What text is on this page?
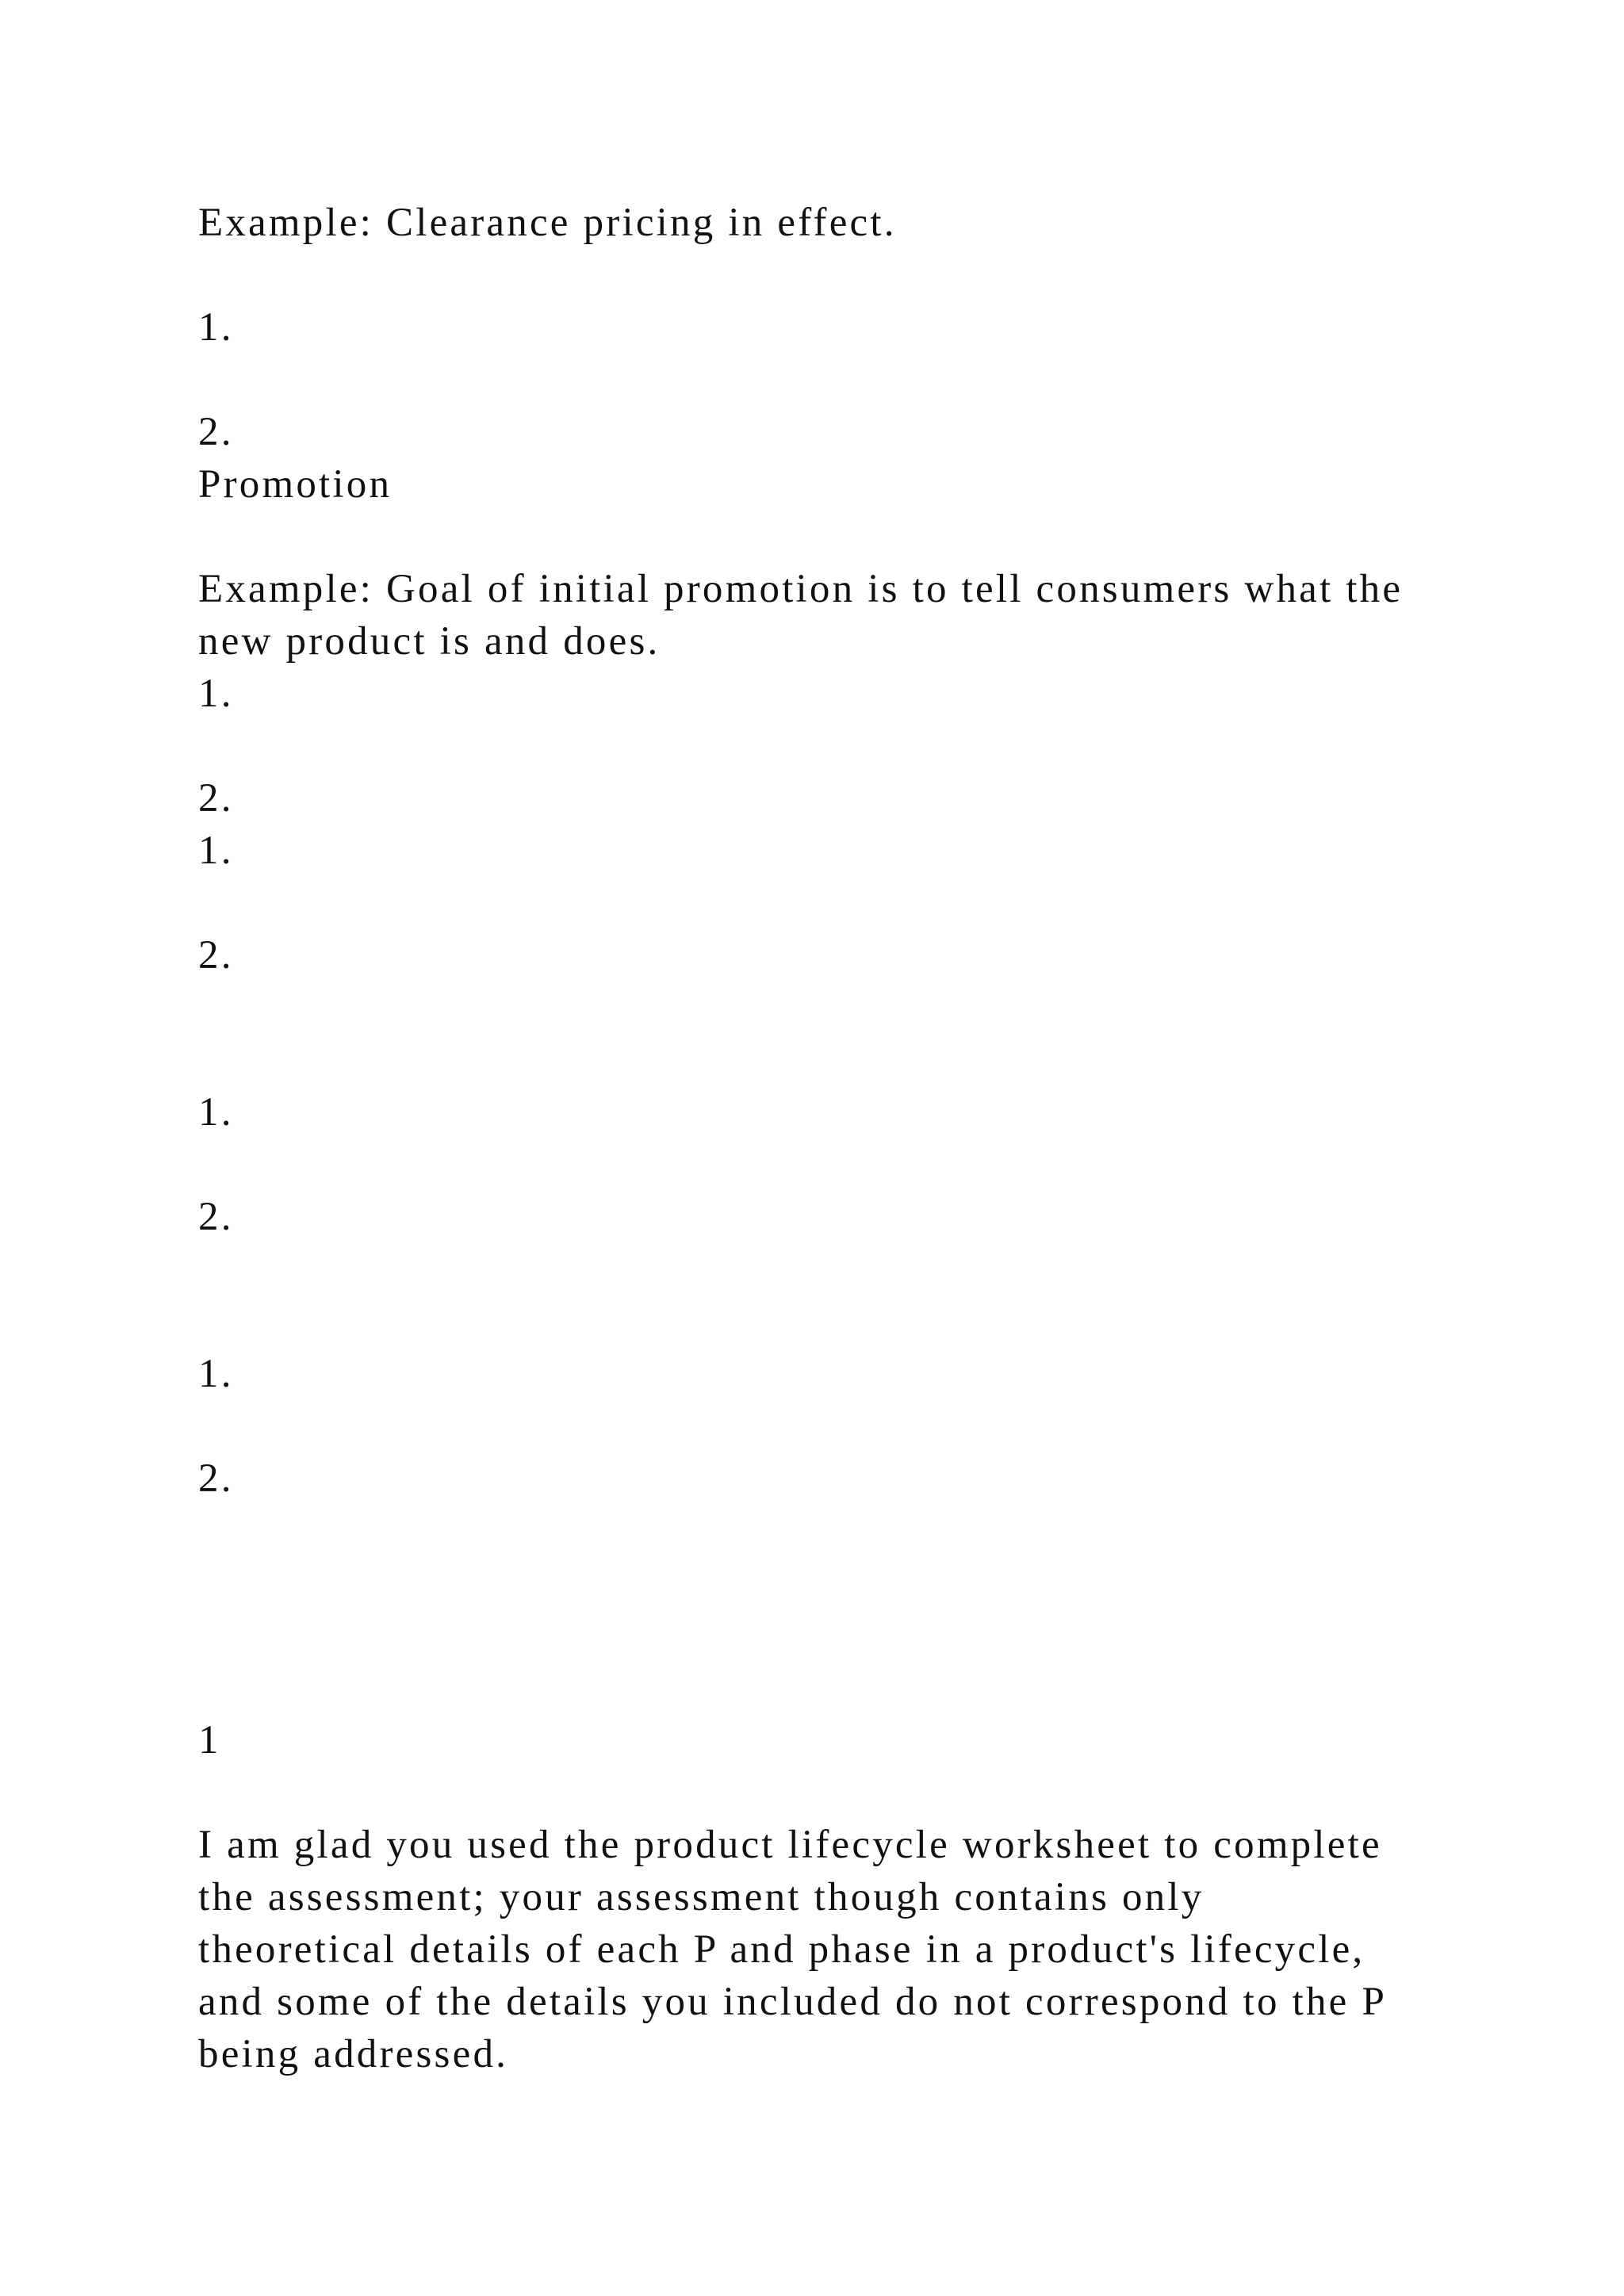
Example: Clearance pricing in effect.

1.

2.

Promotion

Example: Goal of initial promotion is to tell consumers what the

new product is and does.

1.

2.

1.

2.

1.

2.

1.

2.

1

I am glad you used the product lifecycle worksheet to complete

the assessment; your assessment though contains only

theoretical details of each P and phase in a product's lifecycle,

and some of the details you included do not correspond to the P

being addressed.
